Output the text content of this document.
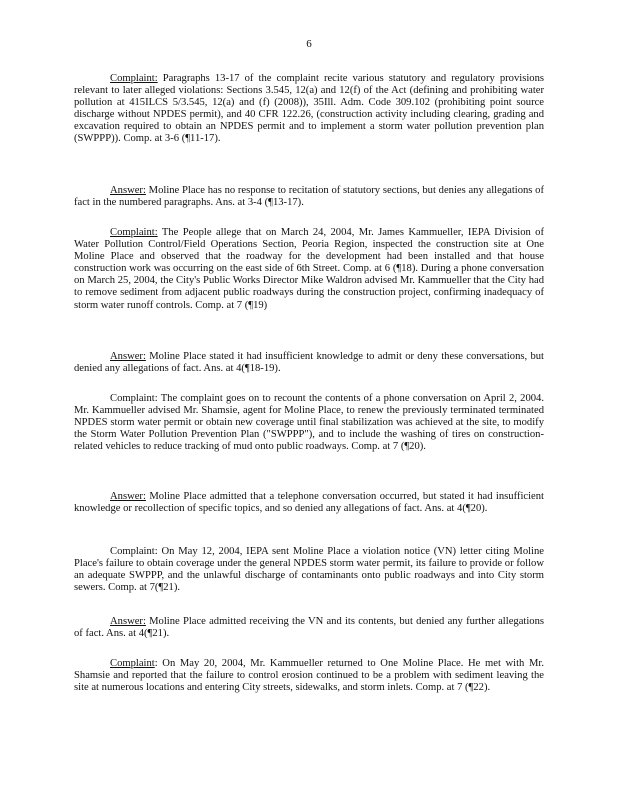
6
Complaint: Paragraphs 13-17 of the complaint recite various statutory and regulatory provisions relevant to later alleged violations: Sections 3.545, 12(a) and 12(f) of the Act (defining and prohibiting water pollution at 415ILCS 5/3.545, 12(a) and (f) (2008)), 35Ill. Adm. Code 309.102 (prohibiting point source discharge without NPDES permit), and 40 CFR 122.26, (construction activity including clearing, grading and excavation required to obtain an NPDES permit and to implement a storm water pollution prevention plan (SWPPP)). Comp. at 3-6 (¶11-17).
Answer: Moline Place has no response to recitation of statutory sections, but denies any allegations of fact in the numbered paragraphs. Ans. at 3-4 (¶13-17).
Complaint: The People allege that on March 24, 2004, Mr. James Kammueller, IEPA Division of Water Pollution Control/Field Operations Section, Peoria Region, inspected the construction site at One Moline Place and observed that the roadway for the development had been installed and that house construction work was occurring on the east side of 6th Street. Comp. at 6 (¶18). During a phone conversation on March 25, 2004, the City's Public Works Director Mike Waldron advised Mr. Kammueller that the City had to remove sediment from adjacent public roadways during the construction project, confirming inadequacy of storm water runoff controls. Comp. at 7 (¶19)
Answer: Moline Place stated it had insufficient knowledge to admit or deny these conversations, but denied any allegations of fact. Ans. at 4(¶18-19).
Complaint: The complaint goes on to recount the contents of a phone conversation on April 2, 2004. Mr. Kammueller advised Mr. Shamsie, agent for Moline Place, to renew the previously terminated terminated NPDES storm water permit or obtain new coverage until final stabilization was achieved at the site, to modify the Storm Water Pollution Prevention Plan ("SWPPP"), and to include the washing of tires on construction-related vehicles to reduce tracking of mud onto public roadways. Comp. at 7 (¶20).
Answer: Moline Place admitted that a telephone conversation occurred, but stated it had insufficient knowledge or recollection of specific topics, and so denied any allegations of fact. Ans. at 4(¶20).
Complaint: On May 12, 2004, IEPA sent Moline Place a violation notice (VN) letter citing Moline Place's failure to obtain coverage under the general NPDES storm water permit, its failure to provide or follow an adequate SWPPP, and the unlawful discharge of contaminants onto public roadways and into City storm sewers. Comp. at 7(¶21).
Answer: Moline Place admitted receiving the VN and its contents, but denied any further allegations of fact. Ans. at 4(¶21).
Complaint: On May 20, 2004, Mr. Kammueller returned to One Moline Place. He met with Mr. Shamsie and reported that the failure to control erosion continued to be a problem with sediment leaving the site at numerous locations and entering City streets, sidewalks, and storm inlets. Comp. at 7 (¶22).
